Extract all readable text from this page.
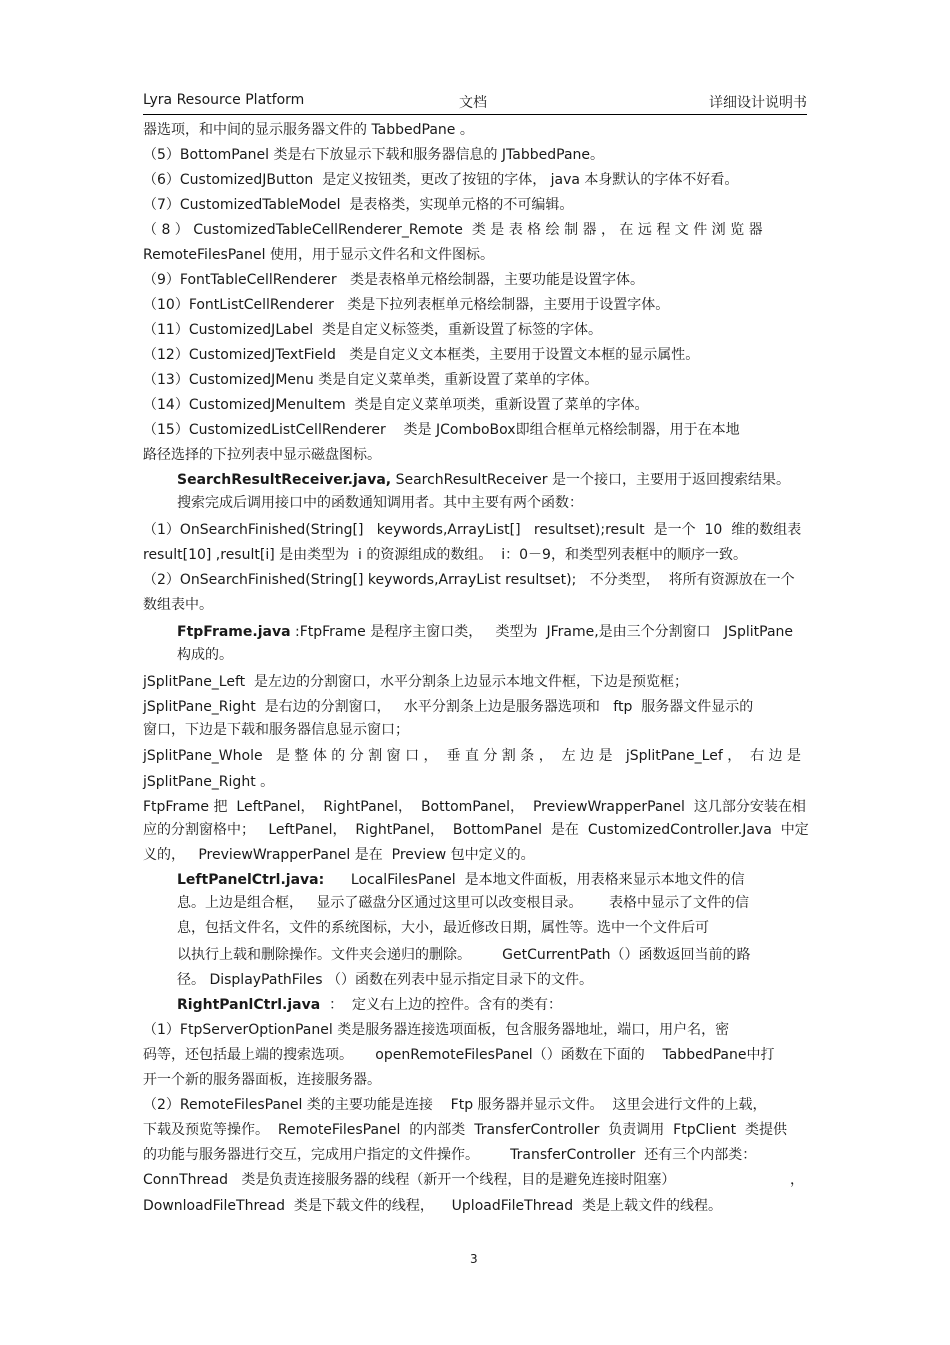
Lyra Resource Platform	文档	详细设计说明书
器选项，和中间的显示服务器文件的 TabbedPane 。
（5）BottomPanel 类是右下放显示下载和服务器信息的 JTabbedPane。
（6）CustomizedJButton  是定义按钮类，更改了按钮的字体， java 本身默认的字体不好看。
（7）CustomizedTableModel  是表格类，实现单元格的不可编辑。
（ 8 ） CustomizedTableCellRenderer_Remote  类 是 表 格 绘 制 器 ， 在 远 程 文 件 浏 览 器
RemoteFilesPanel 使用，用于显示文件名和文件图标。
（9）FontTableCellRenderer   类是表格单元格绘制器，主要功能是设置字体。
（10）FontListCellRenderer   类是下拉列表框单元格绘制器，主要用于设置字体。
（11）CustomizedJLabel  类是自定义标签类，重新设置了标签的字体。
（12）CustomizedJTextField   类是自定义文本框类，主要用于设置文本框的显示属性。
（13）CustomizedJMenu 类是自定义菜单类，重新设置了菜单的字体。
（14）CustomizedJMenuItem  类是自定义菜单项类，重新设置了菜单的字体。
（15）CustomizedListCellRenderer    类是 JComboBox即组合框单元格绘制器，用于在本地
路径选择的下拉列表中显示磁盘图标。
SearchResultReceiver.java, SearchResultReceiver 是一个接口，主要用于返回搜索结果。
搜索完成后调用接口中的函数通知调用者。其中主要有两个函数：
（1）OnSearchFinished(String[]   keywords,ArrayList[]   resultset);result  是一个  10  维的数组表
result[10] ,result[i] 是由类型为  i 的资源组成的数组。  i：0－9，和类型列表框中的顺序一致。
（2）OnSearchFinished(String[] keywords,ArrayList resultset);   不分类型，  将所有资源放在一个
数组表中。
FtpFrame.java :FtpFrame 是程序主窗口类，   类型为  JFrame,是由三个分割窗口   JSplitPane
构成的。
jSplitPane_Left  是左边的分割窗口，水平分割条上边显示本地文件框，下边是预览框；
jSplitPane_Right  是右边的分割窗口，   水平分割条上边是服务器选项和   ftp  服务器文件显示的
窗口，下边是下载和服务器信息显示窗口；
jSplitPane_Whole   是 整 体 的 分 割 窗 口 ，  垂 直 分 割 条 ，  左 边 是   jSplitPane_Lef ，  右 边 是
jSplitPane_Right 。
FtpFrame 把  LeftPanel，  RightPanel，  BottomPanel，  PreviewWrapperPanel  这几部分安装在相
应的分割窗格中；   LeftPanel，  RightPanel，  BottomPanel  是在  CustomizedController.Java  中定
义的，   PreviewWrapperPanel 是在  Preview 包中定义的。
LeftPanelCtrl.java:      LocalFilesPanel  是本地文件面板，用表格来显示本地文件的信
息。上边是组合框，   显示了磁盘分区通过这里可以改变根目录。      表格中显示了文件的信
息，包括文件名，文件的系统图标，大小，最近修改日期，属性等。选中一个文件后可
以执行上载和删除操作。文件夹会递归的删除。       GetCurrentPath（）函数返回当前的路
径。 DisplayPathFiles （）函数在列表中显示指定目录下的文件。
RightPanlCtrl.java  ：  定义右上边的控件。含有的类有：
（1）FtpServerOptionPanel 类是服务器连接选项面板，包含服务器地址，端口，用户名，密
码等，还包括最上端的搜索选项。     openRemoteFilesPanel（）函数在下面的    TabbedPane中打
开一个新的服务器面板，连接服务器。
（2）RemoteFilesPanel 类的主要功能是连接    Ftp 服务器并显示文件。  这里会进行文件的上载，
下载及预览等操作。  RemoteFilesPanel  的内部类  TransferController  负责调用  FtpClient  类提供
的功能与服务器进行交互，完成用户指定的文件操作。       TransferController  还有三个内部类：
ConnThread   类是负责连接服务器的线程（新开一个线程，目的是避免连接时阻塞）	，
DownloadFileThread  类是下载文件的线程，    UploadFileThread  类是上载文件的线程。
3
